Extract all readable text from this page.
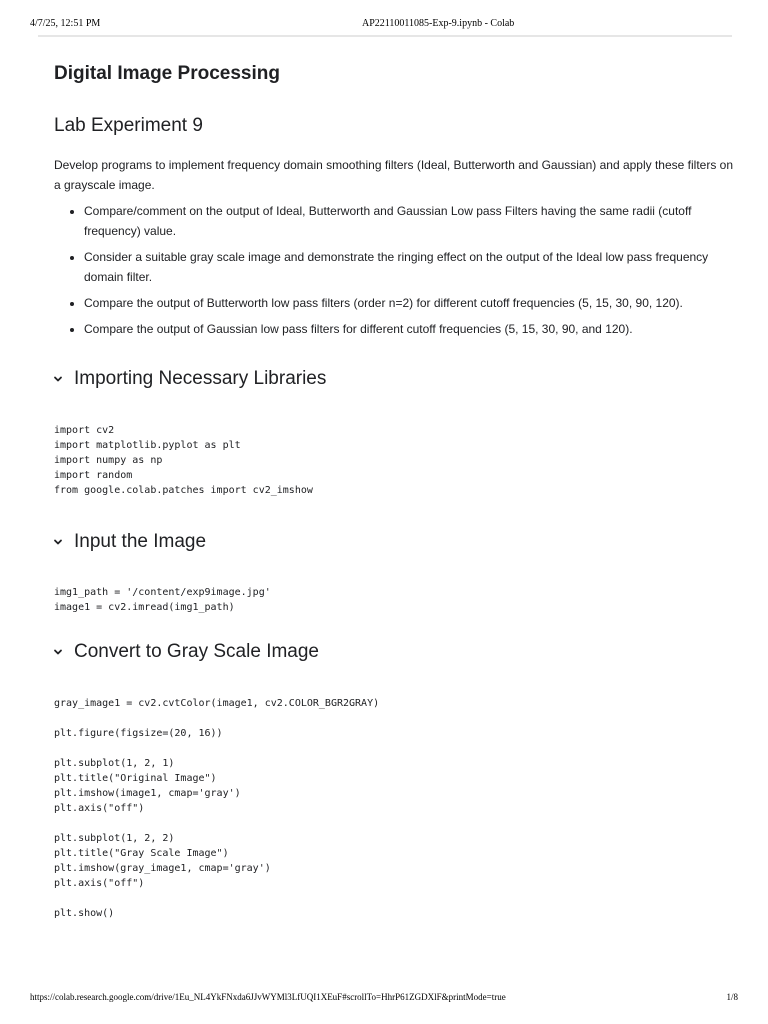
4/7/25, 12:51 PM	AP22110011085-Exp-9.ipynb - Colab
Digital Image Processing
Lab Experiment 9

Develop programs to implement frequency domain smoothing filters (Ideal, Butterworth and Gaussian) and apply these filters on a grayscale image.

• Compare/comment on the output of Ideal, Butterworth and Gaussian Low pass Filters having the same radii (cutoff frequency) value.
• Consider a suitable gray scale image and demonstrate the ringing effect on the output of the Ideal low pass frequency domain filter.
• Compare the output of Butterworth low pass filters (order n=2) for different cutoff frequencies (5, 15, 30, 90, 120).
• Compare the output of Gaussian low pass filters for different cutoff frequencies (5, 15, 30, 90, and 120).
Importing Necessary Libraries
import cv2
import matplotlib.pyplot as plt
import numpy as np
import random
from google.colab.patches import cv2_imshow
Input the Image
img1_path = '/content/exp9image.jpg'
image1 = cv2.imread(img1_path)
Convert to Gray Scale Image
gray_image1 = cv2.cvtColor(image1, cv2.COLOR_BGR2GRAY)

plt.figure(figsize=(20, 16))

plt.subplot(1, 2, 1)
plt.title("Original Image")
plt.imshow(image1, cmap='gray')
plt.axis("off")

plt.subplot(1, 2, 2)
plt.title("Gray Scale Image")
plt.imshow(gray_image1, cmap='gray')
plt.axis("off")

plt.show()
https://colab.research.google.com/drive/1Eu_NL4YkFNxda6JJvWYMl3LfUQI1XEuF#scrollTo=HhrP61ZGDXlF&printMode=true	1/8
